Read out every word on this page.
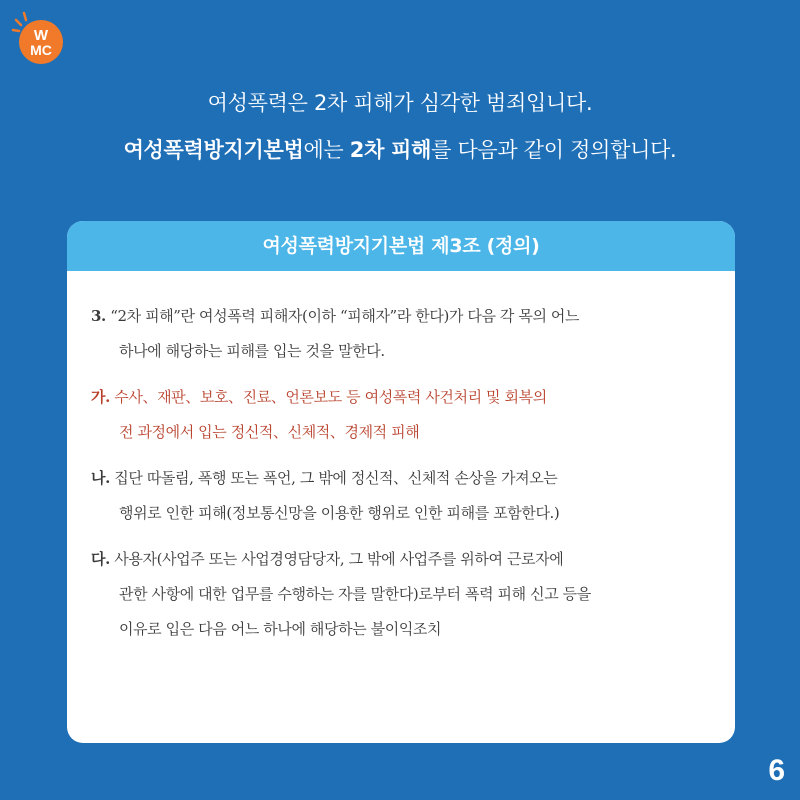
W
MC

여성폭력은 2차 피해가 심각한 범죄입니다.

여성폭력방지기본법에는 2차 피해를 다음과 같이 정의합니다.

여성폭력방지기본법 제3조 (정의)
3. “2차 피해”란 여성폭력 피해자(이하 “피해자”라 한다)가 다음 각 목의 어느
하나에 해당하는 피해를 입는 것을 말한다.
가. 수사、재판、보호、진료、언론보도 등 여성폭력 사건처리 및 회복의
전 과정에서 입는 정신적、신체적、경제적 피해
나. 집단 따돌림, 폭행 또는 폭언, 그 밖에 정신적、신체적 손상을 가져오는
행위로 인한 피해(정보통신망을 이용한 행위로 인한 피해를 포함한다.)
다. 사용자(사업주 또는 사업경영담당자, 그 밖에 사업주를 위하여 근로자에
관한 사항에 대한 업무를 수행하는 자를 말한다)로부터 폭력 피해 신고 등을
이유로 입은 다음 어느 하나에 해당하는 불이익조치
6
